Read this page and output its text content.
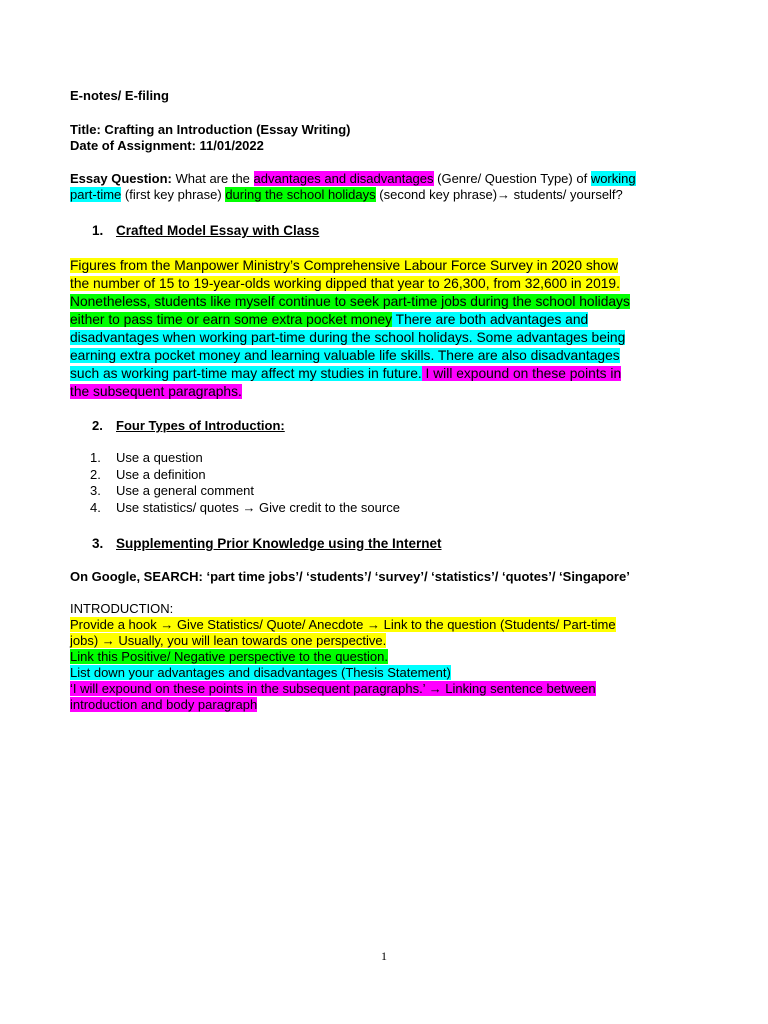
E-notes/ E-filing
Title: Crafting an Introduction (Essay Writing)
Date of Assignment: 11/01/2022
Essay Question: What are the advantages and disadvantages (Genre/ Question Type) of working
part-time (first key phrase) during the school holidays (second key phrase)→ students/ yourself?
1. Crafted Model Essay with Class
Figures from the Manpower Ministry’s Comprehensive Labour Force Survey in 2020 show
the number of 15 to 19-year-olds working dipped that year to 26,300, from 32,600 in 2019.
Nonetheless, students like myself continue to seek part-time jobs during the school holidays
either to pass time or earn some extra pocket money There are both advantages and
disadvantages when working part-time during the school holidays. Some advantages being
earning extra pocket money and learning valuable life skills. There are also disadvantages
such as working part-time may affect my studies in future. I will expound on these points in
the subsequent paragraphs.
2. Four Types of Introduction:
1. Use a question
2. Use a definition
3. Use a general comment
4. Use statistics/ quotes → Give credit to the source
3. Supplementing Prior Knowledge using the Internet
On Google, SEARCH: ‘part time jobs’/ ‘students’/ ‘survey’/ ‘statistics’/ ‘quotes’/ ‘Singapore’
INTRODUCTION:
Provide a hook → Give Statistics/ Quote/ Anecdote → Link to the question (Students/ Part-time
jobs) → Usually, you will lean towards one perspective.
Link this Positive/ Negative perspective to the question.
List down your advantages and disadvantages (Thesis Statement)
‘I will expound on these points in the subsequent paragraphs.’ → Linking sentence between
introduction and body paragraph
1
